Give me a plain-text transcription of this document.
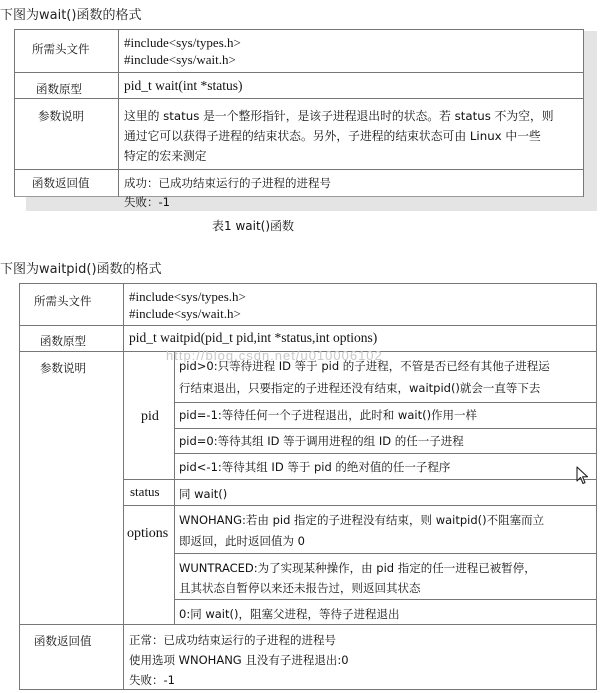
下图为wait()函数的格式
所需头文件
函数原型
参数说明
函数返回值
#include<sys/types.h>
#include<sys/wait.h>
pid_t wait(int *status)
这里的 status 是一个整形指针，是该子进程退出时的状态。若 status 不为空，则
通过它可以获得子进程的结束状态。另外，子进程的结束状态可由 Linux 中一些
特定的宏来测定
成功：已成功结束运行的子进程的进程号
失败：-1
表1 wait()函数
下图为waitpid()函数的格式
所需头文件
函数原型
参数说明
函数返回值
#include<sys/types.h>
#include<sys/wait.h>
pid_t waitpid(pid_t pid,int *status,int options)
pid
status
options
pid>0:只等待进程 ID 等于 pid 的子进程，不管是否已经有其他子进程运
行结束退出，只要指定的子进程还没有结束，waitpid()就会一直等下去
pid=-1:等待任何一个子进程退出，此时和 wait()作用一样
pid=0:等待其组 ID 等于调用进程的组 ID 的任一子进程
pid<-1:等待其组 ID 等于 pid 的绝对值的任一子程序
同 wait()
WNOHANG:若由 pid 指定的子进程没有结束，则 waitpid()不阻塞而立
即返回，此时返回值为 0
WUNTRACED:为了实现某种操作，由 pid 指定的任一进程已被暂停，
且其状态自暂停以来还未报告过，则返回其状态
0:同 wait()，阻塞父进程，等待子进程退出
正常：已成功结束运行的子进程的进程号
使用选项 WNOHANG 且没有子进程退出:0
失败：-1
http://blog.csdn.net/u010006102
